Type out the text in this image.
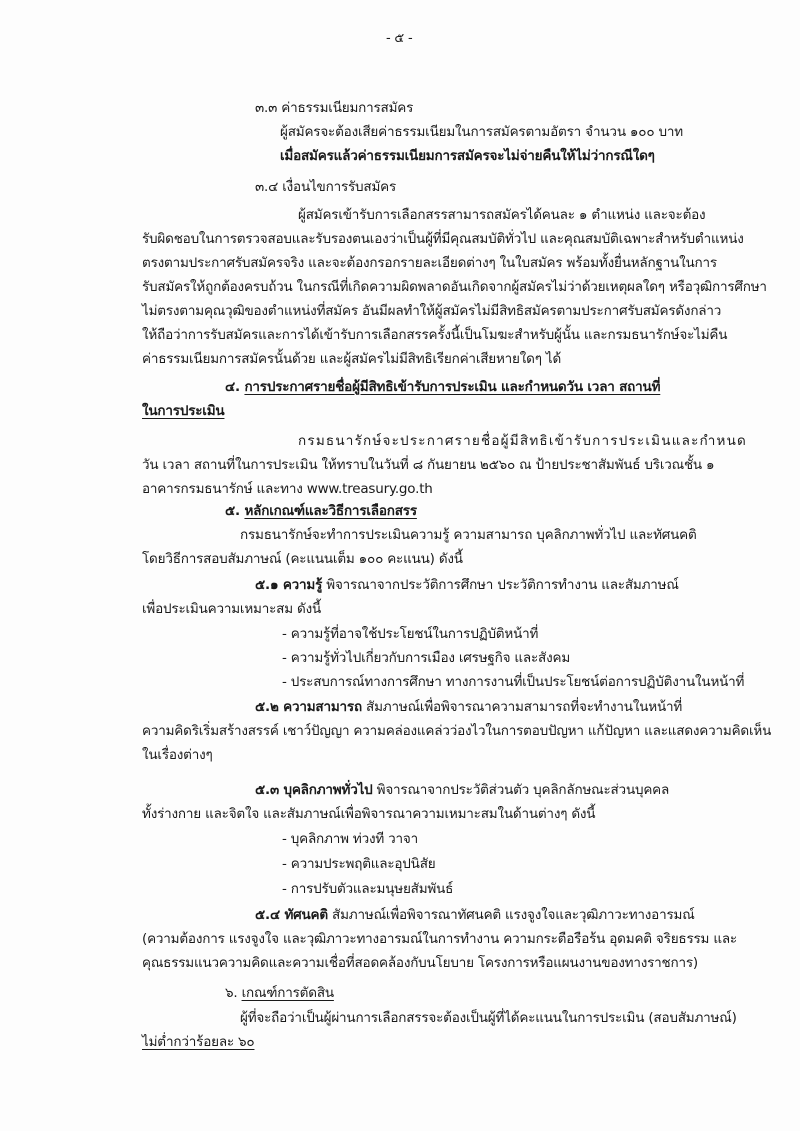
- ๕ -
๓.๓ ค่าธรรมเนียมการสมัคร
ผู้สมัครจะต้องเสียค่าธรรมเนียมในการสมัครตามอัตรา จำนวน ๑๐๐ บาท
เมื่อสมัครแล้วค่าธรรมเนียมการสมัครจะไม่จ่ายคืนให้ไม่ว่ากรณีใดๆ
๓.๔ เงื่อนไขการรับสมัคร
ผู้สมัครเข้ารับการเลือกสรรสามารถสมัครได้คนละ ๑ ตำแหน่ง และจะต้อง
รับผิดชอบในการตรวจสอบและรับรองตนเองว่าเป็นผู้ที่มีคุณสมบัติทั่วไป และคุณสมบัติเฉพาะสำหรับตำแหน่ง
ตรงตามประกาศรับสมัครจริง และจะต้องกรอกรายละเอียดต่างๆ ในใบสมัคร พร้อมทั้งยื่นหลักฐานในการ
รับสมัครให้ถูกต้องครบถ้วน ในกรณีที่เกิดความผิดพลาดอันเกิดจากผู้สมัครไม่ว่าด้วยเหตุผลใดๆ หรือวุฒิการศึกษา
ไม่ตรงตามคุณวุฒิของตำแหน่งที่สมัคร อันมีผลทำให้ผู้สมัครไม่มีสิทธิสมัครตามประกาศรับสมัครดังกล่าว
ให้ถือว่าการรับสมัครและการได้เข้ารับการเลือกสรรครั้งนี้เป็นโมฆะสำหรับผู้นั้น และกรมธนารักษ์จะไม่คืน
ค่าธรรมเนียมการสมัครนั้นด้วย และผู้สมัครไม่มีสิทธิเรียกค่าเสียหายใดๆ ได้
๔. การประกาศรายชื่อผู้มีสิทธิเข้ารับการประเมิน และกำหนดวัน เวลา สถานที่
ในการประเมิน
กรมธนารักษ์จะประกาศรายชื่อผู้มีสิทธิเข้ารับการประเมินและกำหนด
วัน เวลา สถานที่ในการประเมิน ให้ทราบในวันที่ ๘ กันยายน ๒๕๖๐ ณ ป้ายประชาสัมพันธ์ บริเวณชั้น ๑
อาคารกรมธนารักษ์ และทาง www.treasury.go.th
๕. หลักเกณฑ์และวิธีการเลือกสรร
กรมธนารักษ์จะทำการประเมินความรู้ ความสามารถ บุคลิกภาพทั่วไป และทัศนคติ
โดยวิธีการสอบสัมภาษณ์ (คะแนนเต็ม ๑๐๐ คะแนน) ดังนี้
๕.๑ ความรู้ พิจารณาจากประวัติการศึกษา ประวัติการทำงาน และสัมภาษณ์
เพื่อประเมินความเหมาะสม ดังนี้
- ความรู้ที่อาจใช้ประโยชน์ในการปฏิบัติหน้าที่
- ความรู้ทั่วไปเกี่ยวกับการเมือง เศรษฐกิจ และสังคม
- ประสบการณ์ทางการศึกษา ทางการงานที่เป็นประโยชน์ต่อการปฏิบัติงานในหน้าที่
๕.๒ ความสามารถ สัมภาษณ์เพื่อพิจารณาความสามารถที่จะทำงานในหน้าที่
ความคิดริเริ่มสร้างสรรค์ เชาว์ปัญญา ความคล่องแคล่วว่องไวในการตอบปัญหา แก้ปัญหา และแสดงความคิดเห็น
ในเรื่องต่างๆ
๕.๓ บุคลิกภาพทั่วไป พิจารณาจากประวัติส่วนตัว บุคลิกลักษณะส่วนบุคคล
ทั้งร่างกาย และจิตใจ และสัมภาษณ์เพื่อพิจารณาความเหมาะสมในด้านต่างๆ ดังนี้
- บุคลิกภาพ ท่วงที วาจา
- ความประพฤติและอุปนิสัย
- การปรับตัวและมนุษยสัมพันธ์
๕.๔ ทัศนคติ สัมภาษณ์เพื่อพิจารณาทัศนคติ แรงจูงใจและวุฒิภาวะทางอารมณ์
(ความต้องการ แรงจูงใจ และวุฒิภาวะทางอารมณ์ในการทำงาน ความกระตือรือร้น อุดมคติ จริยธรรม และ
คุณธรรมแนวความคิดและความเชื่อที่สอดคล้องกับนโยบาย โครงการหรือแผนงานของทางราชการ)
๖. เกณฑ์การตัดสิน
ผู้ที่จะถือว่าเป็นผู้ผ่านการเลือกสรรจะต้องเป็นผู้ที่ได้คะแนนในการประเมิน (สอบสัมภาษณ์)
ไม่ต่ำกว่าร้อยละ ๖๐
